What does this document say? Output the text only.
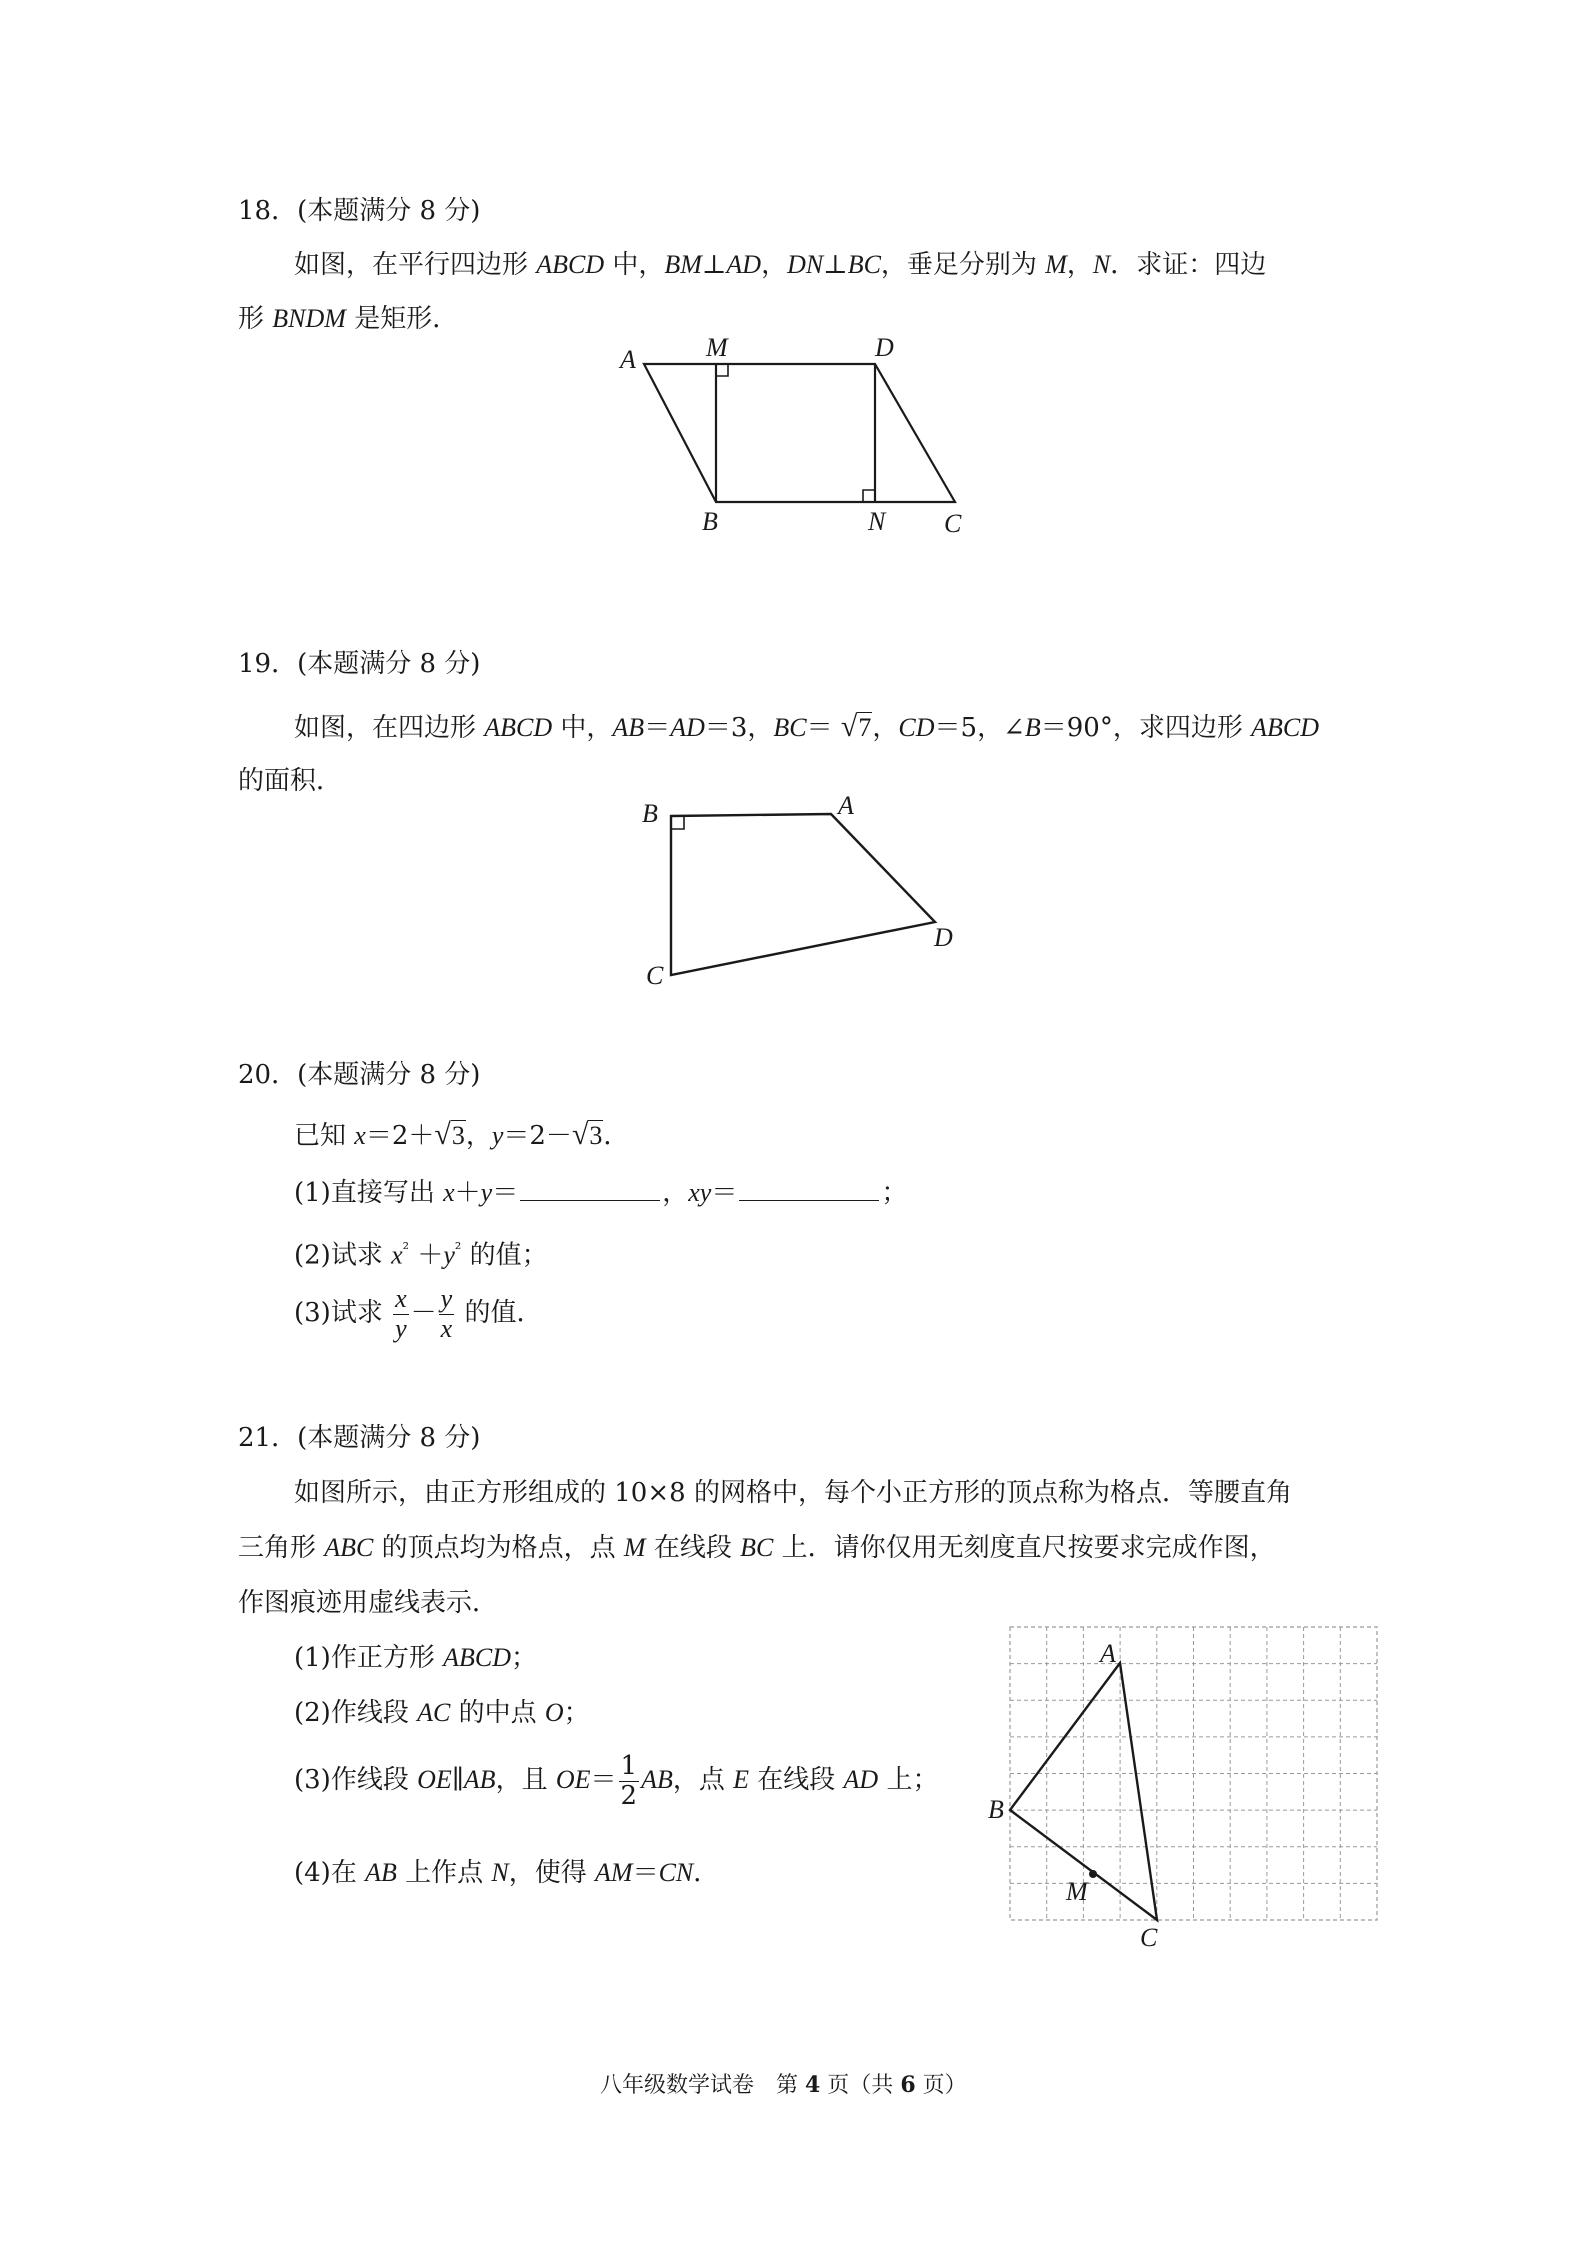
18．(本题满分 8 分)
如图，在平行四边形 ABCD 中，BM⊥AD，DN⊥BC，垂足分别为 M，N．求证：四边
形 BNDM 是矩形．
A	M	D
B	N C
19．(本题满分 8 分)
如图，在四边形 ABCD 中，AB＝AD＝3，BC＝ √7，CD＝5，∠B＝90°，求四边形 ABCD
的面积．
B	A
D
C
20．(本题满分 8 分)
已知 x＝2＋√3，y＝2－√3．
(1)直接写出 x＋y＝	，xy＝	；
(2)试求 $x^{^2} +y^{^2}$ 的值；
(3)试求 $\frac{x}{y} - \frac{y}{x}$ 的值．
21．(本题满分 8 分)
如图所示，由正方形组成的 10×8 的网格中，每个小正方形的顶点称为格点．等腰直角
三角形 ABC 的顶点均为格点，点 M 在线段 BC 上．请你仅用无刻度直尺按要求完成作图，
作图痕迹用虚线表示．
(1)作正方形 ABCD；
(2)作线段 AC 的中点 O；
(3)作线段 OE∥AB，且 $OE= \frac{1}{2}$ AB，点 E 在线段 AD 上；
(4)在 AB 上作点 N，使得 AM＝CN．
A
B
M
C
八年级数学试卷　第 4 页（共 6 页）
